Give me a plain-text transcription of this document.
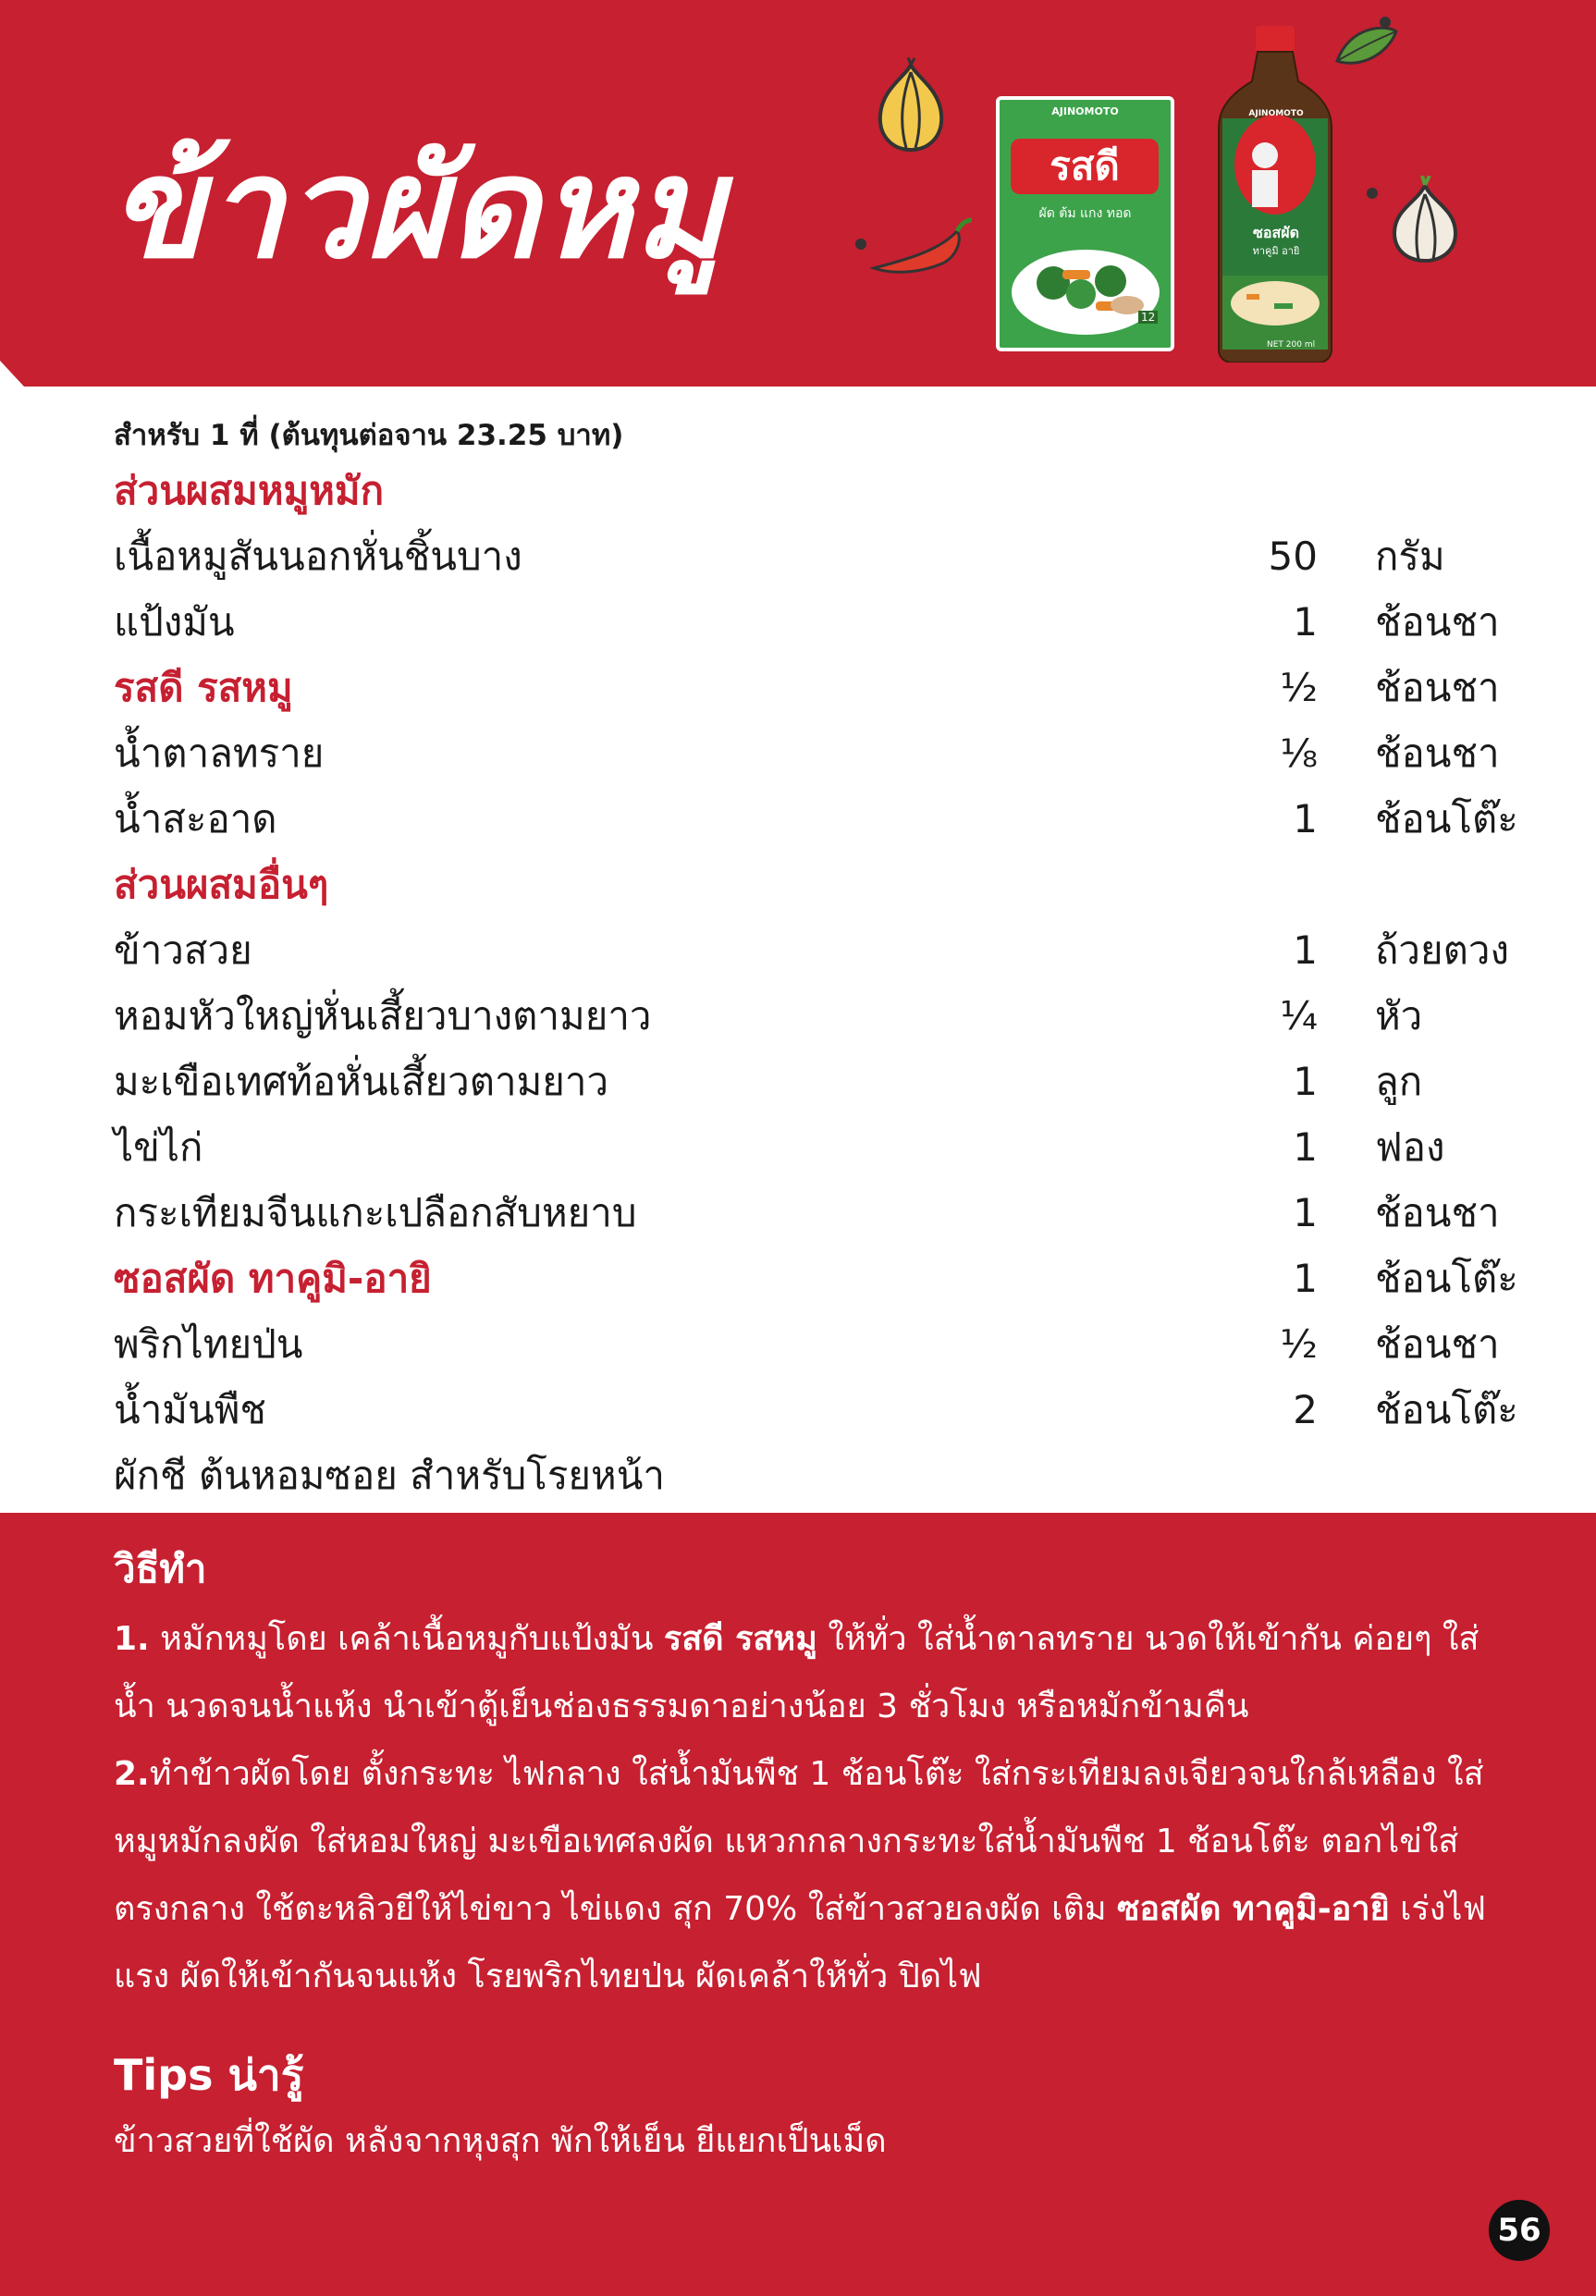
ข้าวผัดหมู
AJINOMOTO
รสดี
ผัด ต้ม แกง ทอด
12
AJINOMOTO
ซอสผัด
ทาคูมิ อายิ
NET 200 ml
สำหรับ 1 ที่ (ต้นทุนต่อจาน 23.25 บาท)
ส่วนผสมหมูหมัก
เนื้อหมูสันนอกหั่นชิ้นบาง	50 กรัม
แป้งมัน	1 ช้อนชา
รสดี รสหมู	½ ช้อนชา
น้ำตาลทราย	⅛ ช้อนชา
น้ำสะอาด	1 ช้อนโต๊ะ
ส่วนผสมอื่นๆ
ข้าวสวย	1 ถ้วยตวง
หอมหัวใหญ่หั่นเสี้ยวบางตามยาว	¼ หัว
มะเขือเทศท้อหั่นเสี้ยวตามยาว	1 ลูก
ไข่ไก่	1 ฟอง
กระเทียมจีนแกะเปลือกสับหยาบ	1 ช้อนชา
ซอสผัด ทาคูมิ-อายิ	1 ช้อนโต๊ะ
พริกไทยป่น	½ ช้อนชา
น้ำมันพืช	2 ช้อนโต๊ะ
ผักชี ต้นหอมซอย สำหรับโรยหน้า
วิธีทำ

1. หมักหมูโดย เคล้าเนื้อหมูกับแป้งมัน รสดี รสหมู ให้ทั่ว ใส่น้ำตาลทราย นวดให้เข้ากัน ค่อยๆ ใส่น้ำ นวดจนน้ำแห้ง นำเข้าตู้เย็นช่องธรรมดาอย่างน้อย 3 ชั่วโมง หรือหมักข้ามคืน

2.ทำข้าวผัดโดย ตั้งกระทะ ไฟกลาง ใส่น้ำมันพืช 1 ช้อนโต๊ะ ใส่กระเทียมลงเจียวจนใกล้เหลือง ใส่หมูหมักลงผัด ใส่หอมใหญ่ มะเขือเทศลงผัด แหวกกลางกระทะใส่น้ำมันพืช 1 ช้อนโต๊ะ ตอกไข่ใส่ตรงกลาง ใช้ตะหลิวยีให้ไข่ขาว ไข่แดง สุก 70% ใส่ข้าวสวยลงผัด เติม ซอสผัด ทาคูมิ-อายิ เร่งไฟแรง ผัดให้เข้ากันจนแห้ง โรยพริกไทยป่น ผัดเคล้าให้ทั่ว ปิดไฟ

Tips น่ารู้
ข้าวสวยที่ใช้ผัด หลังจากหุงสุก พักให้เย็น ยีแยกเป็นเม็ด
56
